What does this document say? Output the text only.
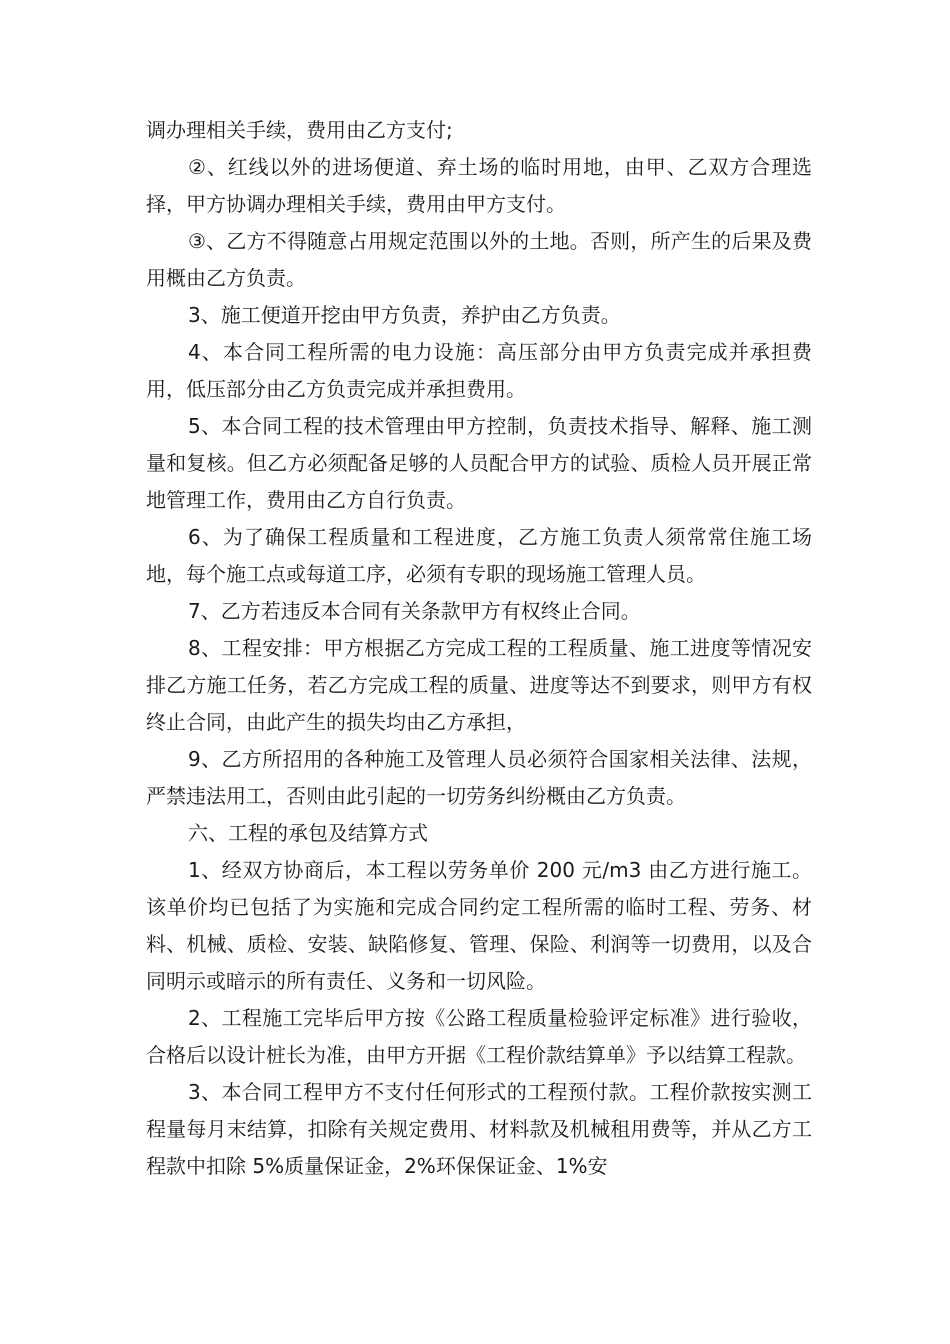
调办理相关手续，费用由乙方支付;

②、红线以外的进场便道、弃土场的临时用地，由甲、乙双方合理选择，甲方协调办理相关手续，费用由甲方支付。

③、乙方不得随意占用规定范围以外的土地。否则，所产生的后果及费用概由乙方负责。

3、施工便道开挖由甲方负责，养护由乙方负责。

4、本合同工程所需的电力设施：高压部分由甲方负责完成并承担费用，低压部分由乙方负责完成并承担费用。

5、本合同工程的技术管理由甲方控制，负责技术指导、解释、施工测量和复核。但乙方必须配备足够的人员配合甲方的试验、质检人员开展正常地管理工作，费用由乙方自行负责。

6、为了确保工程质量和工程进度，乙方施工负责人须常常住施工场地，每个施工点或每道工序，必须有专职的现场施工管理人员。

7、乙方若违反本合同有关条款甲方有权终止合同。

8、工程安排：甲方根据乙方完成工程的工程质量、施工进度等情况安排乙方施工任务，若乙方完成工程的质量、进度等达不到要求，则甲方有权终止合同，由此产生的损失均由乙方承担，

9、乙方所招用的各种施工及管理人员必须符合国家相关法律、法规，严禁违法用工，否则由此引起的一切劳务纠纷概由乙方负责。

六、工程的承包及结算方式

1、经双方协商后，本工程以劳务单价 200 元/m3 由乙方进行施工。该单价均已包括了为实施和完成合同约定工程所需的临时工程、劳务、材料、机械、质检、安装、缺陷修复、管理、保险、利润等一切费用，以及合同明示或暗示的所有责任、义务和一切风险。

2、工程施工完毕后甲方按《公路工程质量检验评定标准》进行验收，合格后以设计桩长为准，由甲方开据《工程价款结算单》予以结算工程款。

3、本合同工程甲方不支付任何形式的工程预付款。工程价款按实测工程量每月末结算，扣除有关规定费用、材料款及机械租用费等，并从乙方工程款中扣除 5%质量保证金，2%环保保证金、1%安
